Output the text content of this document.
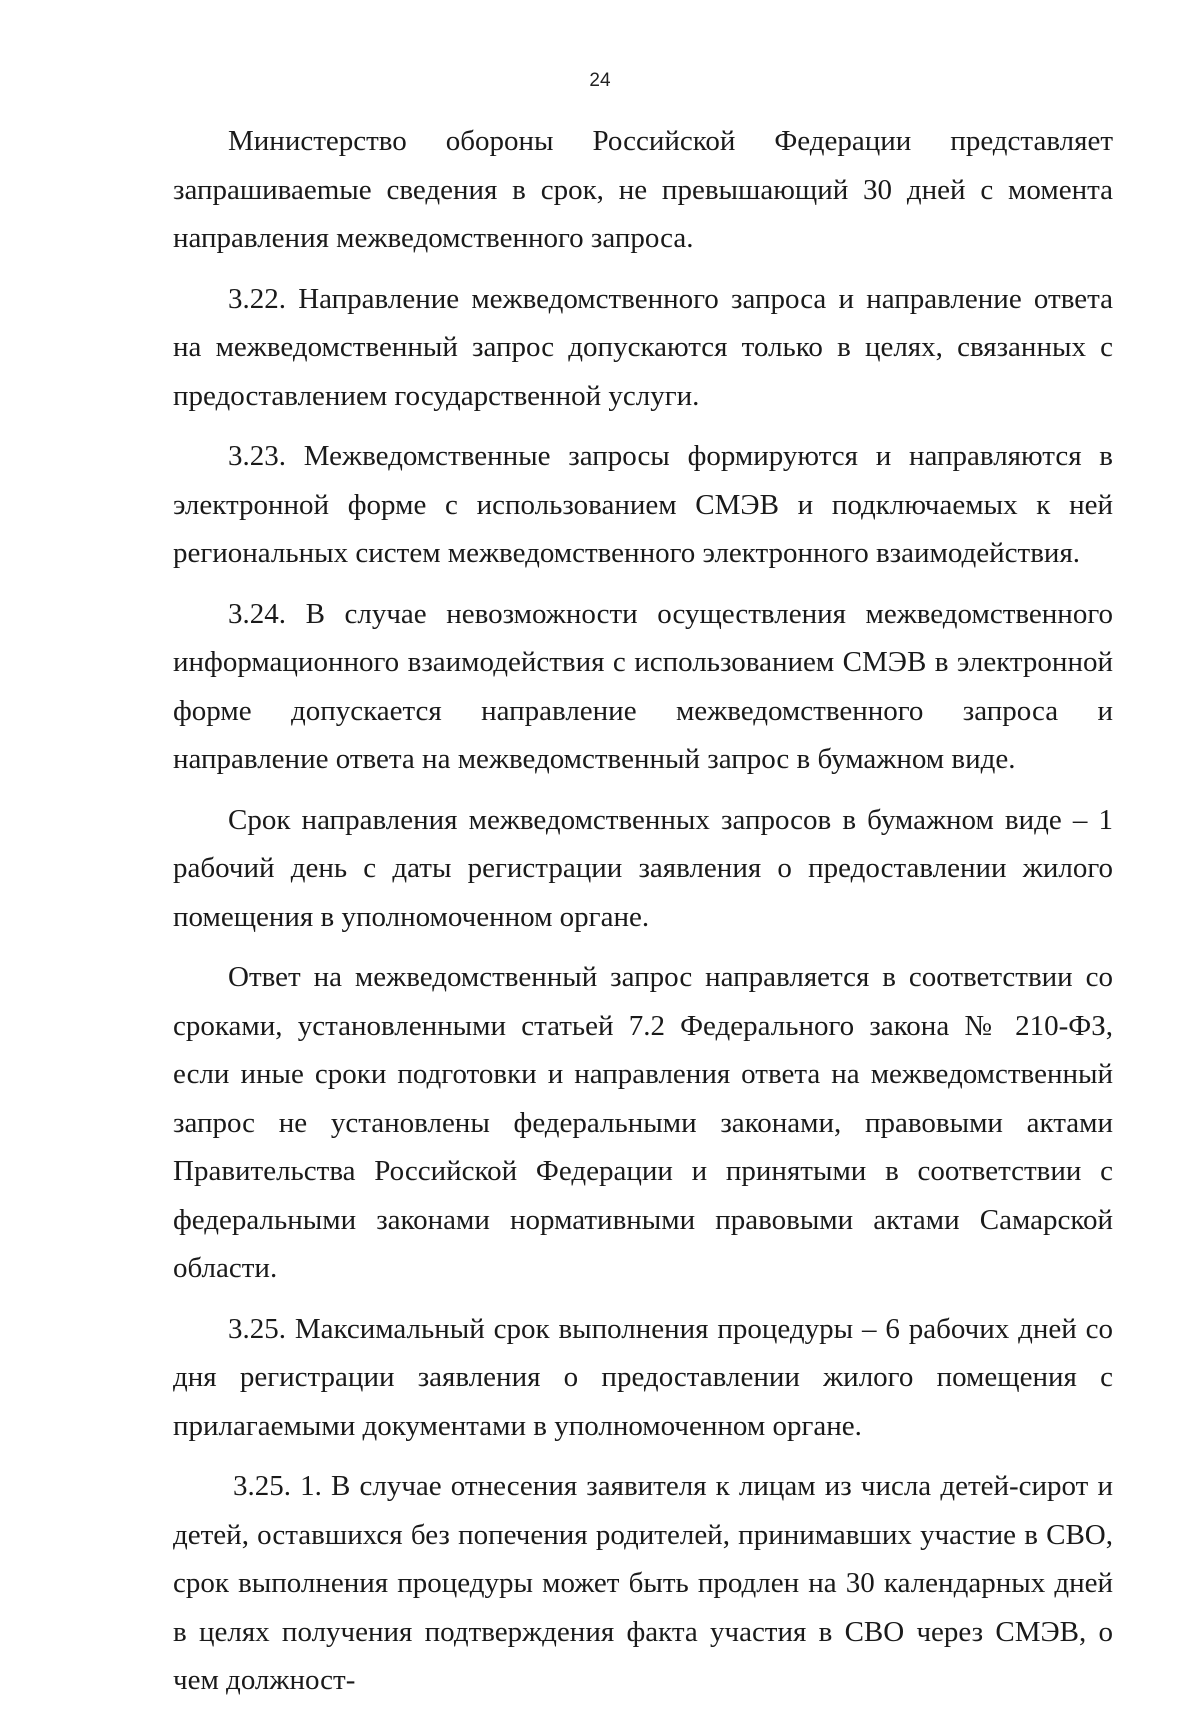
24

Министерство обороны Российской Федерации представляет запрашиваemые сведения в срок, не превышающий 30 дней с момента направления межведомственного запроса.

3.22. Направление межведомственного запроса и направление ответа на межведомственный запрос допускаются только в целях, связанных с предоставлением государственной услуги.

3.23. Межведомственные запросы формируются и направляются в электронной форме с использованием СМЭВ и подключаемых к ней региональных систем межведомственного электронного взаимодействия.

3.24. В случае невозможности осуществления межведомственного информационного взаимодействия с использованием СМЭВ в электронной форме допускается направление межведомственного запроса и направление ответа на межведомственный запрос в бумажном виде.

Срок направления межведомственных запросов в бумажном виде – 1 рабочий день с даты регистрации заявления о предоставлении жилого помещения в уполномоченном органе.

Ответ на межведомственный запрос направляется в соответствии со сроками, установленными статьей 7.2 Федерального закона № 210-ФЗ, если иные сроки подготовки и направления ответа на межведомственный запрос не установлены федеральными законами, правовыми актами Правительства Российской Федерации и принятыми в соответствии с федеральными законами нормативными правовыми актами Самарской области.

3.25. Максимальный срок выполнения процедуры – 6 рабочих дней со дня регистрации заявления о предоставлении жилого помещения с прилагаемыми документами в уполномоченном органе.

3.25. 1. В случае отнесения заявителя к лицам из числа детей-сирот и детей, оставшихся без попечения родителей, принимавших участие в СВО, срок выполнения процедуры может быть продлен на 30 календарных дней в целях получения подтверждения факта участия в СВО через СМЭВ, о чем должност-
